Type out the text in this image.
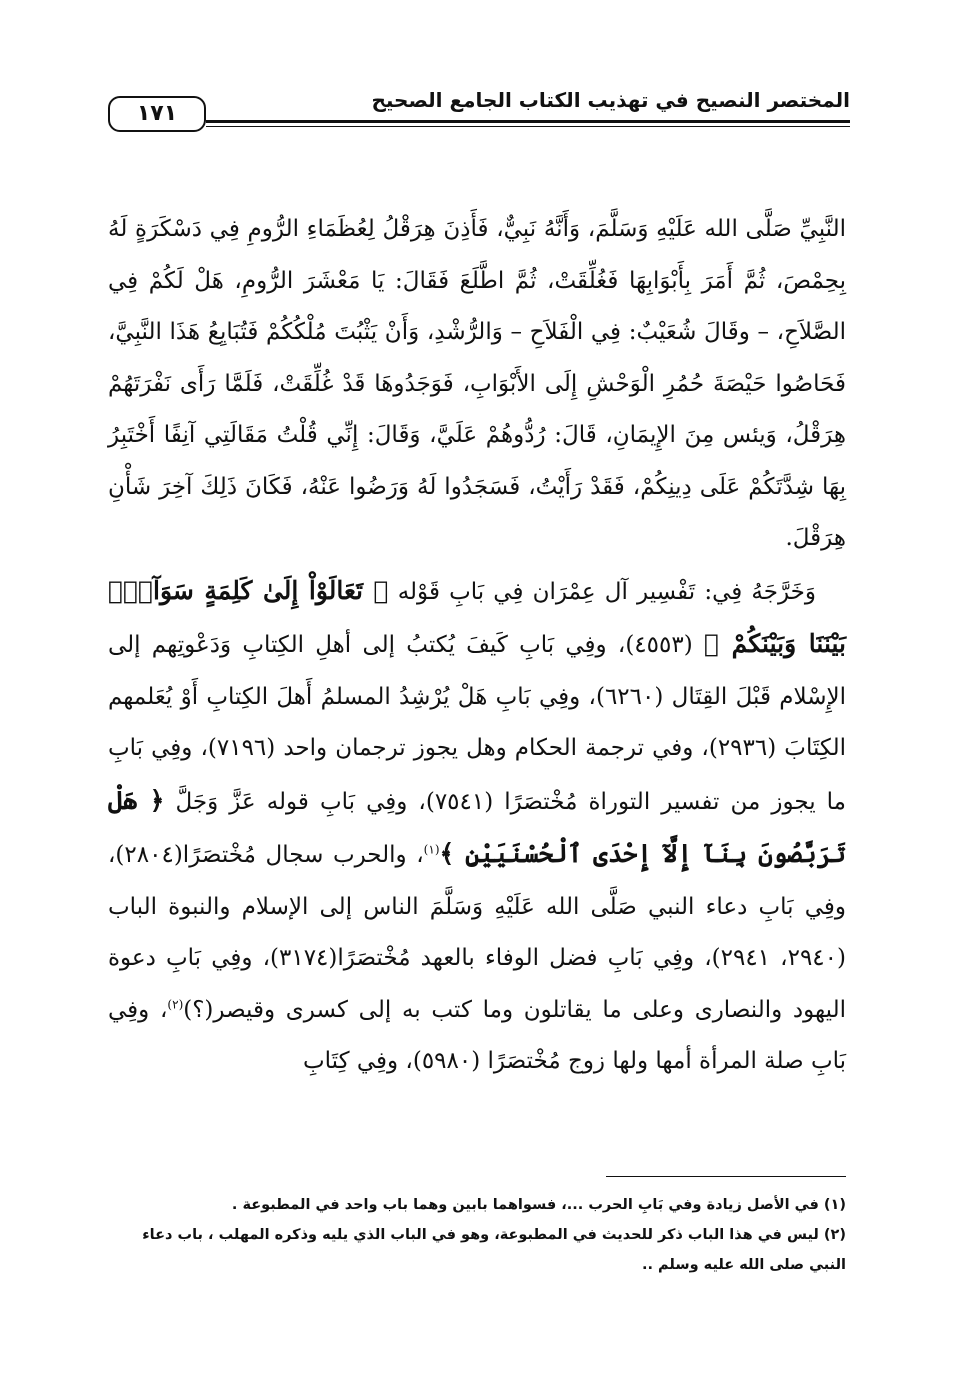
المختصر النصيح في تهذيب الكتاب الجامع الصحيح
١٧١

النَّبِيِّ صَلَّى الله عَلَيْهِ وَسَلَّمَ، وَأَنَّهُ نَبِيٌّ، فَأَذِنَ هِرَقْلُ لِعُظَمَاءِ الرُّومِ فِي دَسْكَرَةٍ لَهُ بِحِمْصَ، ثُمَّ أَمَرَ بِأَبْوَابِهَا فَغُلِّقَتْ، ثُمَّ اطَّلَعَ فَقَالَ: يَا مَعْشَرَ الرُّومِ، هَلْ لَكُمْ فِي الصَّلاَحِ، – وقَالَ شُعَيْبٌ: فِي الْفَلاَحِ – وَالرُّشْدِ، وَأَنْ يَثْبُتَ مُلْكُكُمْ فَتُبَايِعُ هَذَا النَّبِيَّ، فَحَاصُوا حَيْصَةَ حُمُرِ الْوَحْشِ إِلَى الأَبْوَابِ، فَوَجَدُوهَا قَدْ غُلِّقَتْ، فَلَمَّا رَأَى نَفْرَتَهُمْ هِرَقْلُ، وَيئس مِنَ الإِيمَانِ، قَالَ: رُدُّوهُمْ عَلَيَّ، وَقَالَ: إِنِّي قُلْتُ مَقَالَتِي آنِفًا أَخْتَبِرُ بِهَا شِدَّتَكُمْ عَلَى دِينِكُمْ، فَقَدْ رَأَيْتُ، فَسَجَدُوا لَهُ وَرَضُوا عَنْهُ، فَكَانَ ذَلِكَ آخِرَ شَأْنِ هِرَقْلَ.

وَخَرَّجَهُ فِي: تَفْسِير آل عِمْرَان فِي بَابِ قَوْله ﴿ تَعَالَوْاْ إِلَىٰ كَلِمَةٍ سَوَآءِۭ بَيْنَنَا وَبَيْنَكُمْ ﴾ (٤٥٥٣)، وفِي بَابِ كَيفَ يُكتبُ إلى أهلِ الكِتابِ وَدَعْوتِهم إلى الإِسْلام قَبْلَ القِتَال (٦٢٦٠)، وفِي بَابِ هَلْ يُرْشِدُ المسلمُ أَهلَ الكِتابِ أَوْ يُعَلمهم الكِتَابَ (٢٩٣٦)، وفي ترجمة الحكام وهل يجوز ترجمان واحد (٧١٩٦)، وفِي بَابِ ما يجوز من تفسير التوراة مُخْتصَرًا (٧٥٤١)، وفِي بَابِ قوله عَزَّ وَجَلَّ ﴿ هَلْ تَرَبَّصُونَ بِنَآ إِلَّآ إِحْدَى ٱلْحُسْنَيَيْنِ ﴾$^{(١)}$، والحرب سجال مُخْتصَرًا(٢٨٠٤)، وفِي بَابِ دعاء النبي صَلَّى الله عَلَيْهِ وَسَلَّمَ الناس إلى الإسلام والنبوة الباب (٢٩٤٠، ٢٩٤١)، وفِي بَابِ فضل الوفاء بالعهد مُخْتصَرًا(٣١٧٤)، وفِي بَابِ دعوة اليهود والنصارى وعلى ما يقاتلون وما كتب به إلى كسرى وقيصر(؟)$^{(٢)}$، وفِي بَابِ صلة المرأة أمها ولها زوج مُخْتصَرًا (٥٩٨٠)، وفِي كِتَابِ

(١) في الأصل زيادة وفي بَابِ الحرب ...، فسواهما بابين وهما باب واحد في المطبوعة .

(٢) ليس في هذا الباب ذكر للحديث في المطبوعة، وهو في الباب الذي يليه وذكره المهلب ، باب دعاء النبي صلى الله عليه وسلم ..
